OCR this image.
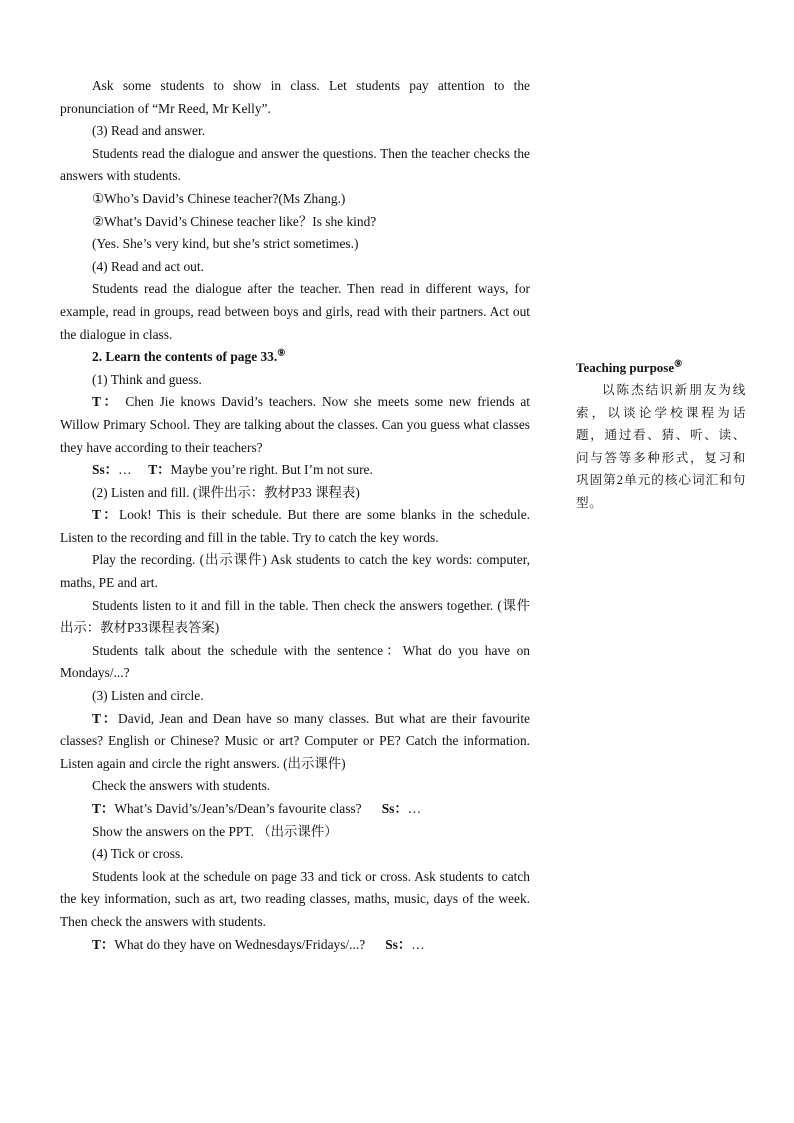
Ask some students to show in class. Let students pay attention to the pronunciation of “Mr Reed, Mr Kelly”.

(3) Read and answer.

Students read the dialogue and answer the questions. Then the teacher checks the answers with students.

①Who’s David’s Chinese teacher?(Ms Zhang.)

②What’s David’s Chinese teacher like？Is she kind?

(Yes. She’s very kind, but she’s strict sometimes.)

(4) Read and act out.

Students read the dialogue after the teacher. Then read in different ways, for example, read in groups, read between boys and girls, read with their partners. Act out the dialogue in class.

2. Learn the contents of page 33.⑨

(1) Think and guess.

T： Chen Jie knows David’s teachers. Now she meets some new friends at Willow Primary School. They are talking about the classes. Can you guess what classes they have according to their teachers?

Ss：… T：Maybe you’re right. But I’m not sure.

(2) Listen and fill. (课件出示：教材P33 课程表)

T：Look! This is their schedule. But there are some blanks in the schedule. Listen to the recording and fill in the table. Try to catch the key words.

Play the recording. (出示课件) Ask students to catch the key words: computer, maths, PE and art.

Students listen to it and fill in the table. Then check the answers together. (课件出示：教材P33课程表答案)

Students talk about the schedule with the sentence：What do you have on Mondays/...?

(3) Listen and circle.

T：David, Jean and Dean have so many classes. But what are their favourite classes? English or Chinese? Music or art? Computer or PE? Catch the information. Listen again and circle the right answers. (出示课件)

Check the answers with students.

T：What’s David’s/Jean’s/Dean’s favourite class? Ss：…

Show the answers on the PPT. （出示课件）

(4) Tick or cross.

Students look at the schedule on page 33 and tick or cross. Ask students to catch the key information, such as art, two reading classes, maths, music, days of the week. Then check the answers with students.

T：What do they have on Wednesdays/Fridays/...? Ss：…

Teaching purpose⑨

以陈杰结识新朋友为线索，以谈论学校课程为话题，通过看、猜、听、读、问与答等多种形式，复习和巩固第2单元的核心词汇和句型。
